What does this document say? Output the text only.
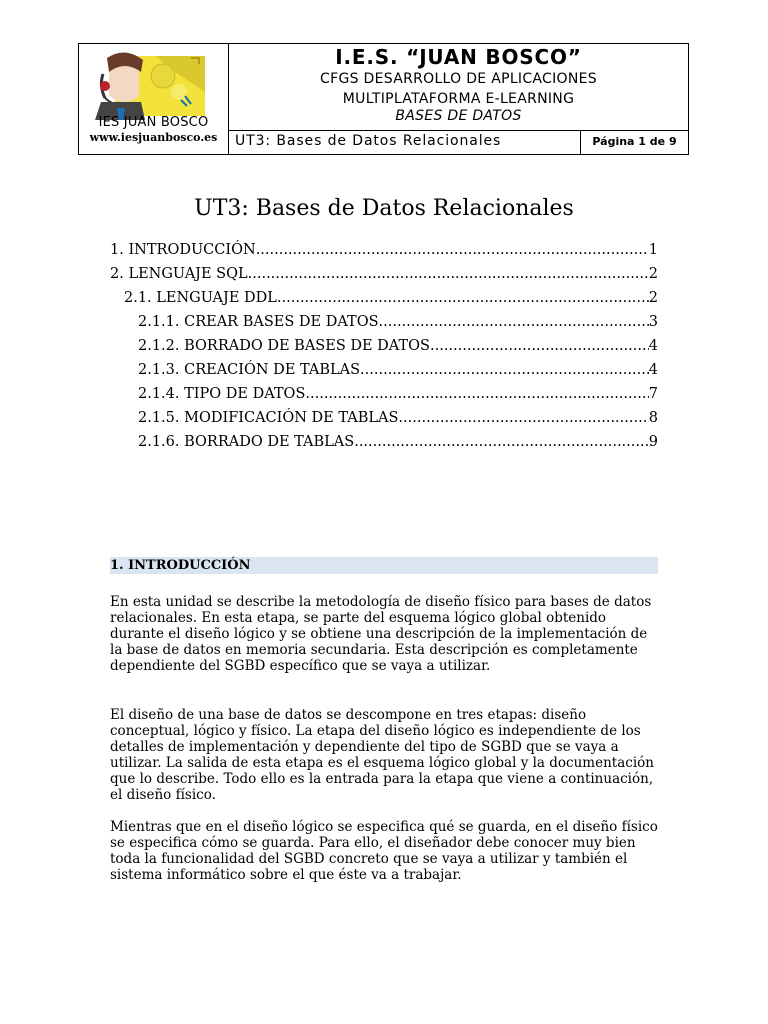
IES JUAN BOSCO
www.iesjuanbosco.es
I.E.S. “JUAN BOSCO”
CFGS DESARROLLO DE APLICACIONES
MULTIPLATAFORMA E-LEARNING
BASES DE DATOS
UT3: Bases de Datos Relacionales	Página 1 de 9
UT3: Bases de Datos Relacionales
1. INTRODUCCIÓN .....	1
2. LENGUAJE SQL .....	2
2.1. LENGUAJE DDL .....	2
2.1.1. CREAR BASES DE DATOS .....	3
2.1.2. BORRADO DE BASES DE DATOS .....	4
2.1.3. CREACIÓN DE TABLAS .....	4
2.1.4. TIPO DE DATOS .....	7
2.1.5. MODIFICACIÓN DE TABLAS .....	8
2.1.6. BORRADO DE TABLAS .....	9
1. INTRODUCCIÓN

En esta unidad se describe la metodología de diseño físico para bases de datos relacionales. En esta etapa, se parte del esquema lógico global obtenido durante el diseño lógico y se obtiene una descripción de la implementación de la base de datos en memoria secundaria. Esta descripción es completamente dependiente del SGBD específico que se vaya a utilizar.

El diseño de una base de datos se descompone en tres etapas: diseño conceptual, lógico y físico. La etapa del diseño lógico es independiente de los detalles de implementación y dependiente del tipo de SGBD que se vaya a utilizar. La salida de esta etapa es el esquema lógico global y la documentación que lo describe. Todo ello es la entrada para la etapa que viene a continuación, el diseño físico.

Mientras que en el diseño lógico se especifica qué se guarda, en el diseño físico se especifica cómo se guarda. Para ello, el diseñador debe conocer muy bien toda la funcionalidad del SGBD concreto que se vaya a utilizar y también el sistema informático sobre el que éste va a trabajar.
